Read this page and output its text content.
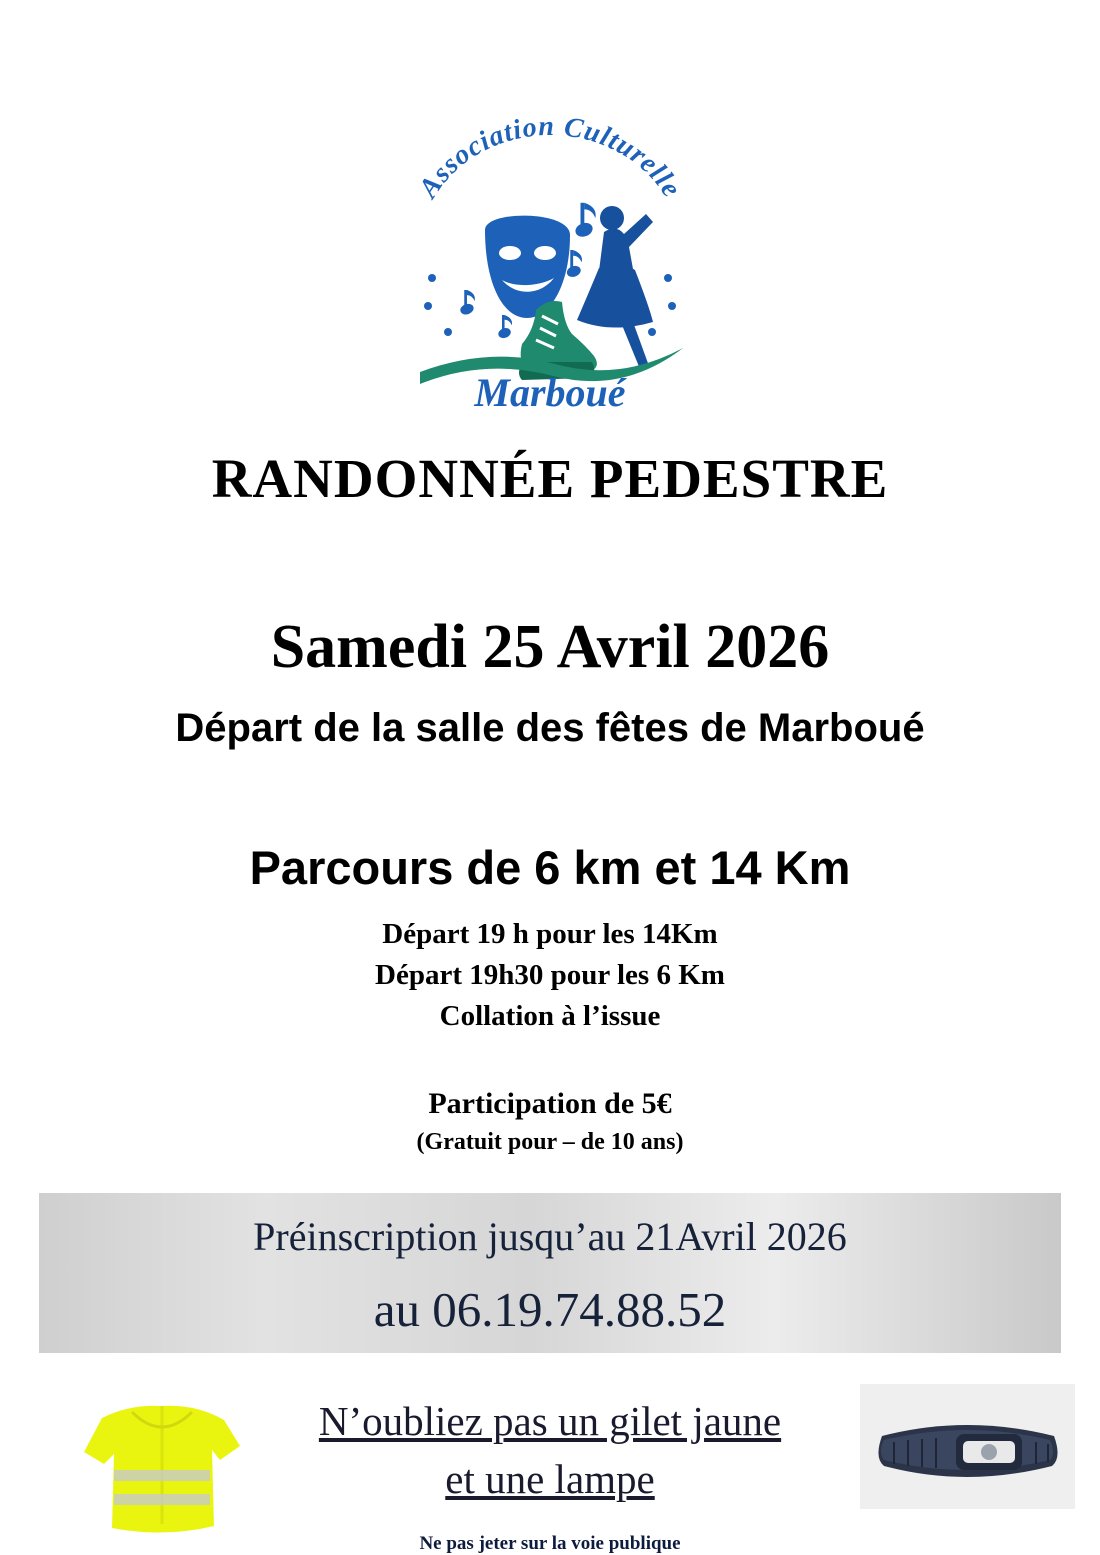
Association Culturelle
Marboué
RANDONNÉE PEDESTRE
Samedi 25 Avril 2026
Départ de la salle des fêtes de Marboué
Parcours de 6 km et 14 Km
Départ 19 h pour les 14Km
Départ 19h30 pour les 6 Km
Collation à l’issue
Participation de 5€
(Gratuit pour – de 10 ans)
Préinscription jusqu’au 21Avril 2026
au 06.19.74.88.52
N’oubliez pas un gilet jaune
et une lampe
Ne pas jeter sur la voie publique
